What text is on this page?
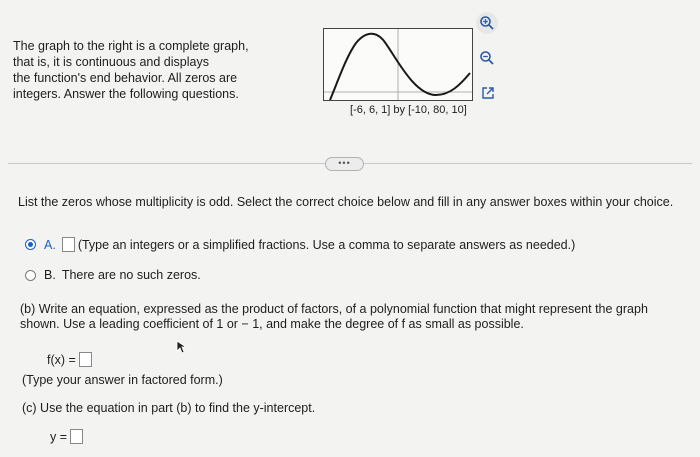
The graph to the right is a complete graph,
that is, it is continuous and displays
the function's end behavior. All zeros are
integers. Answer the following questions.
[-6, 6, 1] by [-10, 80, 10]
•••
List the zeros whose multiplicity is odd. Select the correct choice below and fill in any answer boxes within your choice.
A. (Type an integers or a simplified fractions. Use a comma to separate answers as needed.)
B. There are no such zeros.
(b) Write an equation, expressed as the product of factors, of a polynomial function that might represent the graph shown. Use a leading coefficient of 1 or − 1, and make the degree of f as small as possible.
f(x) =
(Type your answer in factored form.)
(c) Use the equation in part (b) to find the y-intercept.
y =
